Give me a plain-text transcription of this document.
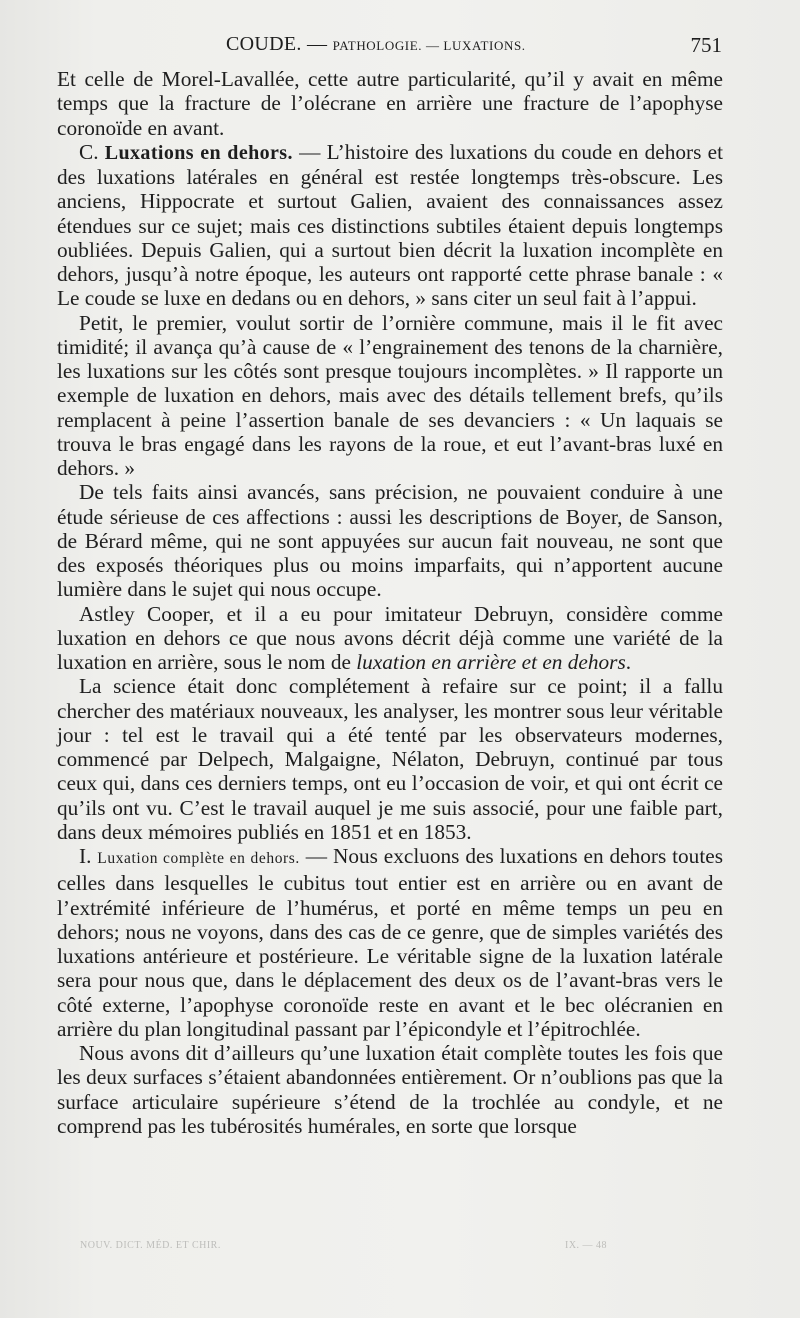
COUDE. — PATHOLOGIE. — LUXATIONS.	751

Et celle de Morel-Lavallée, cette autre particularité, qu’il y avait en même temps que la fracture de l’olécrane en arrière une fracture de l’apophyse coronoïde en avant.

C. Luxations en dehors. — L’histoire des luxations du coude en dehors et des luxations latérales en général est restée longtemps très-obscure. Les anciens, Hippocrate et surtout Galien, avaient des connaissances assez étendues sur ce sujet; mais ces distinctions subtiles étaient depuis longtemps oubliées. Depuis Galien, qui a surtout bien décrit la luxation incomplète en dehors, jusqu’à notre époque, les auteurs ont rapporté cette phrase banale : « Le coude se luxe en dedans ou en dehors, » sans citer un seul fait à l’appui.

Petit, le premier, voulut sortir de l’ornière commune, mais il le fit avec timidité; il avança qu’à cause de « l’engrainement des tenons de la charnière, les luxations sur les côtés sont presque toujours incomplètes. » Il rapporte un exemple de luxation en dehors, mais avec des détails tellement brefs, qu’ils remplacent à peine l’assertion banale de ses devanciers : « Un laquais se trouva le bras engagé dans les rayons de la roue, et eut l’avant-bras luxé en dehors. »

De tels faits ainsi avancés, sans précision, ne pouvaient conduire à une étude sérieuse de ces affections : aussi les descriptions de Boyer, de Sanson, de Bérard même, qui ne sont appuyées sur aucun fait nouveau, ne sont que des exposés théoriques plus ou moins imparfaits, qui n’apportent aucune lumière dans le sujet qui nous occupe.

Astley Cooper, et il a eu pour imitateur Debruyn, considère comme luxation en dehors ce que nous avons décrit déjà comme une variété de la luxation en arrière, sous le nom de luxation en arrière et en dehors.

La science était donc complétement à refaire sur ce point; il a fallu chercher des matériaux nouveaux, les analyser, les montrer sous leur véritable jour : tel est le travail qui a été tenté par les observateurs modernes, commencé par Delpech, Malgaigne, Nélaton, Debruyn, continué par tous ceux qui, dans ces derniers temps, ont eu l’occasion de voir, et qui ont écrit ce qu’ils ont vu. C’est le travail auquel je me suis associé, pour une faible part, dans deux mémoires publiés en 1851 et en 1853.

I. Luxation complète en dehors. — Nous excluons des luxations en dehors toutes celles dans lesquelles le cubitus tout entier est en arrière ou en avant de l’extrémité inférieure de l’humérus, et porté en même temps un peu en dehors; nous ne voyons, dans des cas de ce genre, que de simples variétés des luxations antérieure et postérieure. Le véritable signe de la luxation latérale sera pour nous que, dans le déplacement des deux os de l’avant-bras vers le côté externe, l’apophyse coronoïde reste en avant et le bec olécranien en arrière du plan longitudinal passant par l’épicondyle et l’épitrochlée.

Nous avons dit d’ailleurs qu’une luxation était complète toutes les fois que les deux surfaces s’étaient abandonnées entièrement. Or n’oublions pas que la surface articulaire supérieure s’étend de la trochlée au condyle, et ne comprend pas les tubérosités humérales, en sorte que lorsque

NOUV. DICT. MÉD. ET CHIR.	IX. — 48
